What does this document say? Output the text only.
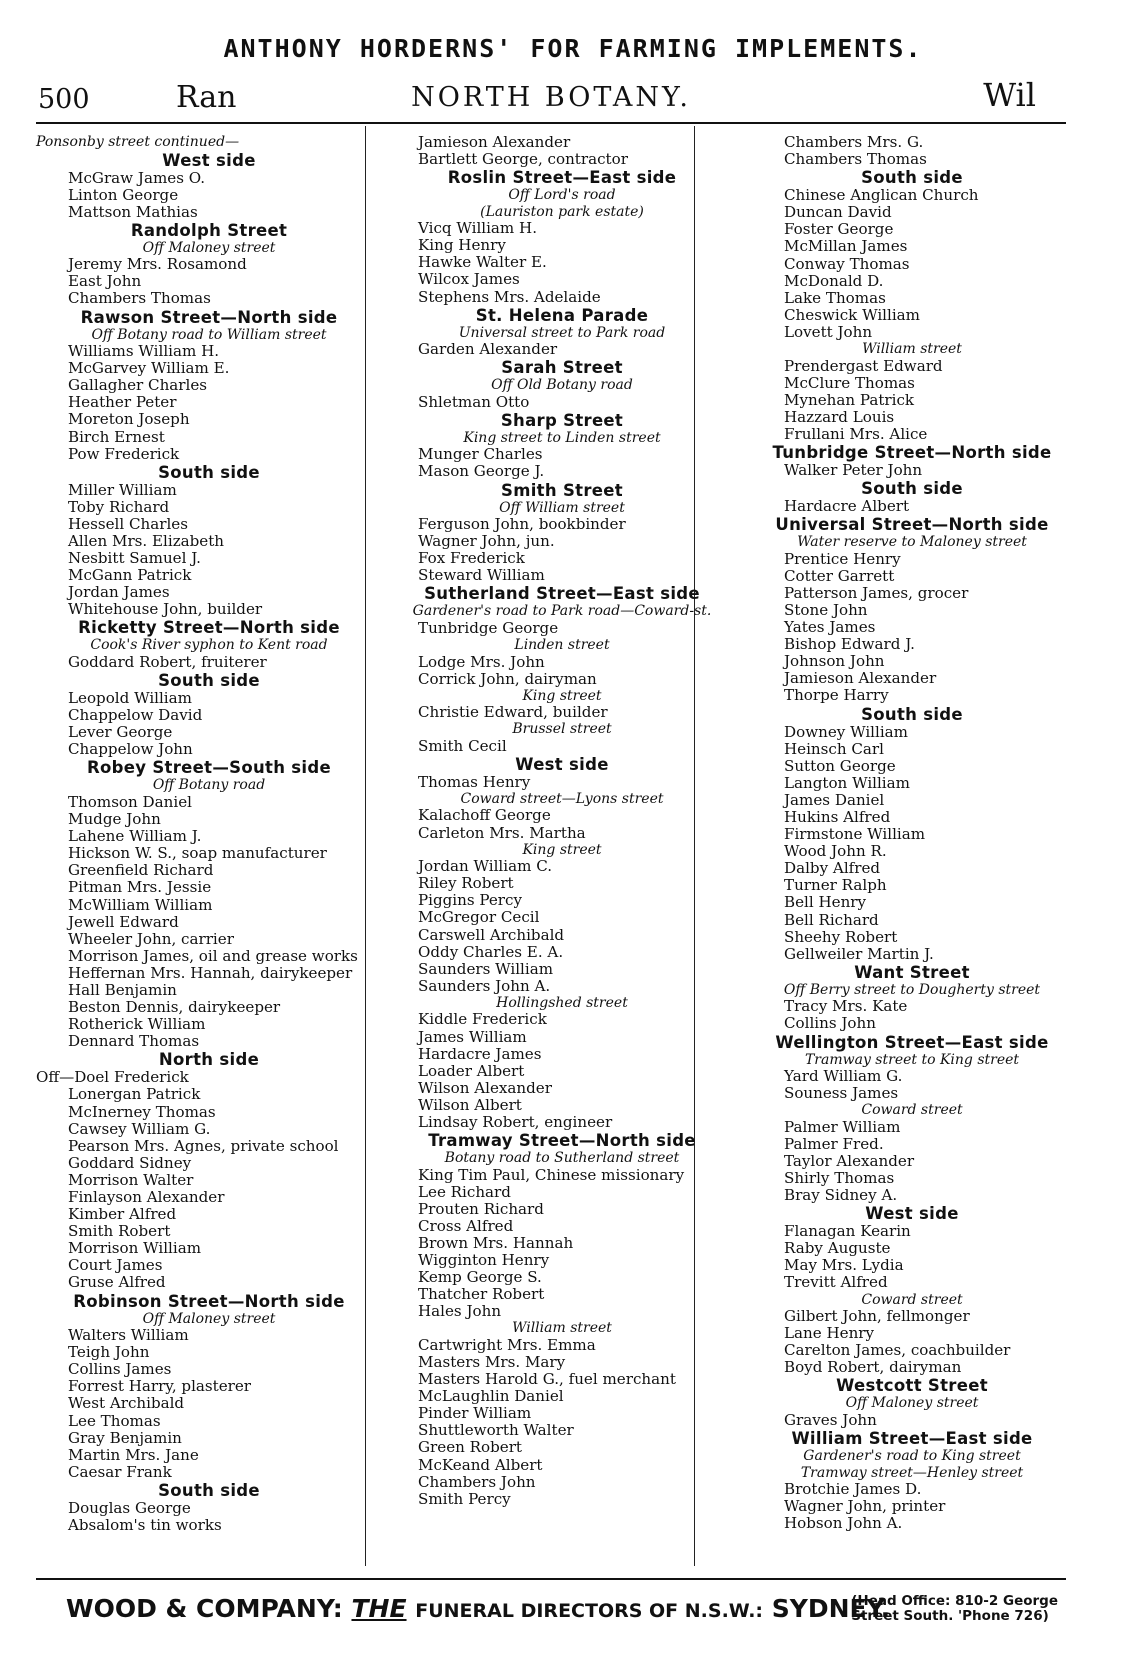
ANTHONY HORDERNS' FOR FARMING IMPLEMENTS.
500	Ran	NORTH BOTANY.	Wil
Ponsonby street continued—
West side
McGraw James O.
Linton George
Mattson Mathias
Randolph Street
Off Maloney street
Jeremy Mrs. Rosamond
East John
Chambers Thomas
Rawson Street—North side
Off Botany road to William street
Williams William H.
McGarvey William E.
Gallagher Charles
Heather Peter
Moreton Joseph
Birch Ernest
Pow Frederick
South side
Miller William
Toby Richard
Hessell Charles
Allen Mrs. Elizabeth
Nesbitt Samuel J.
McGann Patrick
Jordan James
Whitehouse John, builder
Ricketty Street—North side
Cook's River syphon to Kent road
Goddard Robert, fruiterer
South side
Leopold William
Chappelow David
Lever George
Chappelow John
Robey Street—South side
Off Botany road
Thomson Daniel
Mudge John
Lahene William J.
Hickson W. S., soap manufacturer
Greenfield Richard
Pitman Mrs. Jessie
McWilliam William
Jewell Edward
Wheeler John, carrier
Morrison James, oil and grease works
Heffernan Mrs. Hannah, dairykeeper
Hall Benjamin
Beston Dennis, dairykeeper
Rotherick William
Dennard Thomas
North side
Off—Doel Frederick
Lonergan Patrick
McInerney Thomas
Cawsey William G.
Pearson Mrs. Agnes, private school
Goddard Sidney
Morrison Walter
Finlayson Alexander
Kimber Alfred
Smith Robert
Morrison William
Court James
Gruse Alfred
Robinson Street—North side
Off Maloney street
Walters William
Teigh John
Collins James
Forrest Harry, plasterer
West Archibald
Lee Thomas
Gray Benjamin
Martin Mrs. Jane
Caesar Frank
South side
Douglas George
Absalom's tin works
Jamieson Alexander
Bartlett George, contractor
Roslin Street—East side
Off Lord's road
(Lauriston park estate)
Vicq William H.
King Henry
Hawke Walter E.
Wilcox James
Stephens Mrs. Adelaide
St. Helena Parade
Universal street to Park road
Garden Alexander
Sarah Street
Off Old Botany road
Shletman Otto
Sharp Street
King street to Linden street
Munger Charles
Mason George J.
Smith Street
Off William street
Ferguson John, bookbinder
Wagner John, jun.
Fox Frederick
Steward William
Sutherland Street—East side
Gardener's road to Park road—Coward-st.
Tunbridge George
Linden street
Lodge Mrs. John
Corrick John, dairyman
King street
Christie Edward, builder
Brussel street
Smith Cecil
West side
Thomas Henry
Coward street—Lyons street
Kalachoff George
Carleton Mrs. Martha
King street
Jordan William C.
Riley Robert
Piggins Percy
McGregor Cecil
Carswell Archibald
Oddy Charles E. A.
Saunders William
Saunders John A.
Hollingshed street
Kiddle Frederick
James William
Hardacre James
Loader Albert
Wilson Alexander
Wilson Albert
Lindsay Robert, engineer
Tramway Street—North side
Botany road to Sutherland street
King Tim Paul, Chinese missionary
Lee Richard
Prouten Richard
Cross Alfred
Brown Mrs. Hannah
Wigginton Henry
Kemp George S.
Thatcher Robert
Hales John
William street
Cartwright Mrs. Emma
Masters Mrs. Mary
Masters Harold G., fuel merchant
McLaughlin Daniel
Pinder William
Shuttleworth Walter
Green Robert
McKeand Albert
Chambers John
Smith Percy
Chambers Mrs. G.
Chambers Thomas
South side
Chinese Anglican Church
Duncan David
Foster George
McMillan James
Conway Thomas
McDonald D.
Lake Thomas
Cheswick William
Lovett John
William street
Prendergast Edward
McClure Thomas
Mynehan Patrick
Hazzard Louis
Frullani Mrs. Alice
Tunbridge Street—North side
Walker Peter John
South side
Hardacre Albert
Universal Street—North side
Water reserve to Maloney street
Prentice Henry
Cotter Garrett
Patterson James, grocer
Stone John
Yates James
Bishop Edward J.
Johnson John
Jamieson Alexander
Thorpe Harry
South side
Downey William
Heinsch Carl
Sutton George
Langton William
James Daniel
Hukins Alfred
Firmstone William
Wood John R.
Dalby Alfred
Turner Ralph
Bell Henry
Bell Richard
Sheehy Robert
Gellweiler Martin J.
Want Street
Off Berry street to Dougherty street
Tracy Mrs. Kate
Collins John
Wellington Street—East side
Tramway street to King street
Yard William G.
Souness James
Coward street
Palmer William
Palmer Fred.
Taylor Alexander
Shirly Thomas
Bray Sidney A.
West side
Flanagan Kearin
Raby Auguste
May Mrs. Lydia
Trevitt Alfred
Coward street
Gilbert John, fellmonger
Lane Henry
Carelton James, coachbuilder
Boyd Robert, dairyman
Westcott Street
Off Maloney street
Graves John
William Street—East side
Gardener's road to King street
Tramway street—Henley street
Brotchie James D.
Wagner John, printer
Hobson John A.
WOOD & COMPANY: THE FUNERAL DIRECTORS OF N.S.W.: SYDNEY.
(Head Office: 810-2 George
Street South. 'Phone 726)
